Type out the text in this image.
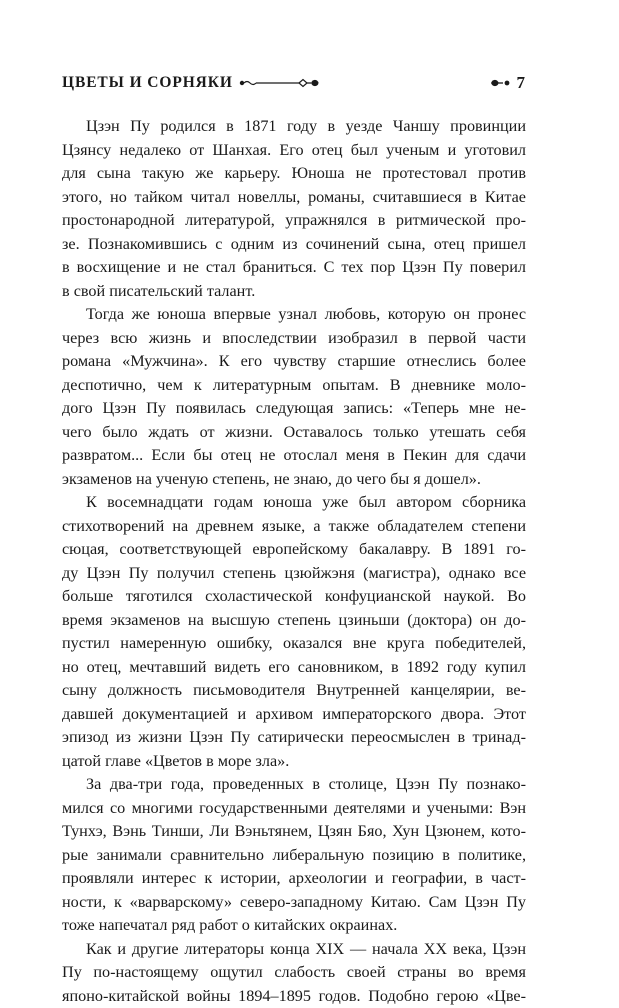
ЦВЕТЫ И СОРНЯКИ	7
Цзэн Пу родился в 1871 году в уезде Чаншу провинции
Цзянсу недалеко от Шанхая. Его отец был ученым и уготовил
для сына такую же карьеру. Юноша не протестовал против
этого, но тайком читал новеллы, романы, считавшиеся в Китае
простонародной литературой, упражнялся в ритмической про-
зе. Познакомившись с одним из сочинений сына, отец пришел
в восхищение и не стал браниться. С тех пор Цзэн Пу поверил
в свой писательский талант.
Тогда же юноша впервые узнал любовь, которую он пронес
через всю жизнь и впоследствии изобразил в первой части
романа «Мужчина». К его чувству старшие отнеслись более
деспотично, чем к литературным опытам. В дневнике моло-
дого Цзэн Пу появилась следующая запись: «Теперь мне не-
чего было ждать от жизни. Оставалось только утешать себя
развратом... Если бы отец не отослал меня в Пекин для сдачи
экзаменов на ученую степень, не знаю, до чего бы я дошел».
К восемнадцати годам юноша уже был автором сборника
стихотворений на древнем языке, а также обладателем степени
сюцая, соответствующей европейскому бакалавру. В 1891 го-
ду Цзэн Пу получил степень цзюйжэня (магистра), однако все
больше тяготился схоластической конфуцианской наукой. Во
время экзаменов на высшую степень цзиньши (доктора) он до-
пустил намеренную ошибку, оказался вне круга победителей,
но отец, мечтавший видеть его сановником, в 1892 году купил
сыну должность письмоводителя Внутренней канцелярии, ве-
давшей документацией и архивом императорского двора. Этот
эпизод из жизни Цзэн Пу сатирически переосмыслен в тринад-
цатой главе «Цветов в море зла».
За два-три года, проведенных в столице, Цзэн Пу познако-
мился со многими государственными деятелями и учеными: Вэн
Тунхэ, Вэнь Тинши, Ли Вэньтянем, Цзян Бяо, Хун Цзюнем, кото-
рые занимали сравнительно либеральную позицию в политике,
проявляли интерес к истории, археологии и географии, в част-
ности, к «варварскому» северо-западному Китаю. Сам Цзэн Пу
тоже напечатал ряд работ о китайских окраинах.
Как и другие литераторы конца XIX — начала XX века, Цзэн
Пу по-настоящему ощутил слабость своей страны во время
японо-китайской войны 1894–1895 годов. Подобно герою «Цве-
